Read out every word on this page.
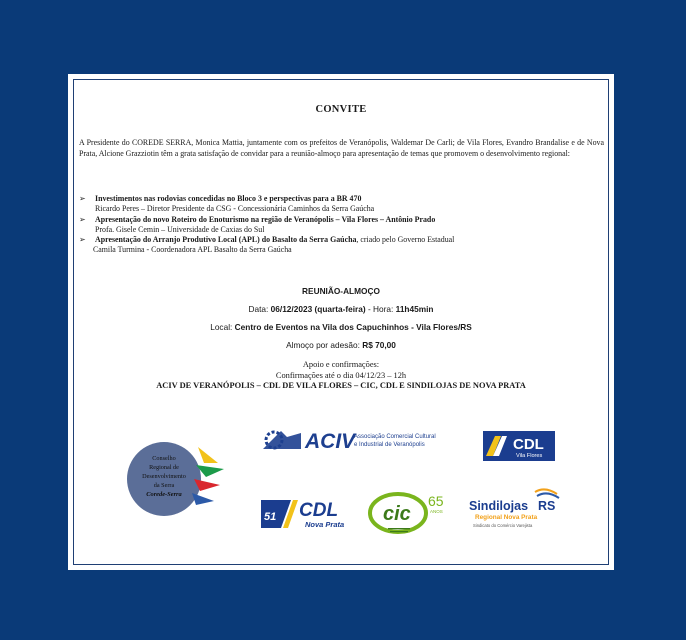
CONVITE
A Presidente do COREDE SERRA, Monica Mattia, juntamente com os prefeitos de Veranópolis, Waldemar De Carli; de Vila Flores, Evandro Brandalise e de Nova Prata, Alcione Grazziotin têm a grata satisfação de convidar para a reunião-almoço para apresentação de temas que promovem o desenvolvimento regional:
➢ Investimentos nas rodovias concedidas no Bloco 3 e perspectivas para a BR 470
Ricardo Peres – Diretor Presidente da CSG - Concessionária Caminhos da Serra Gaúcha
➢ Apresentação do novo Roteiro do Enoturismo na região de Veranópolis – Vila Flores – Antônio Prado
Profa. Gisele Cemin – Universidade de Caxias do Sul
➢ Apresentação do Arranjo Produtivo Local (APL) do Basalto da Serra Gaúcha, criado pelo Governo Estadual
Camila Turmina - Coordenadora APL Basalto da Serra Gaúcha
REUNIÃO-ALMOÇO
Data: 06/12/2023 (quarta-feira) - Hora: 11h45min
Local: Centro de Eventos na Vila dos Capuchinhos - Vila Flores/RS
Almoço por adesão: R$ 70,00
Apoio e confirmações:
Confirmações até o dia 04/12/23 – 12h
ACIV DE VERANÓPOLIS – CDL DE VILA FLORES – CIC, CDL E SINDILOJAS DE NOVA PRATA
Conselho
Regional de
Desenvolvimento
da Serra
Corede-Serra
ACIV
Associação Comercial Cultural
e Industrial de Veranópolis	CDL
Vila Flores
51 CDL
Nova Prata cic
65
ANOS Sindilojas RS
Regional Nova Prata
Sindicato do Comércio Varejista
